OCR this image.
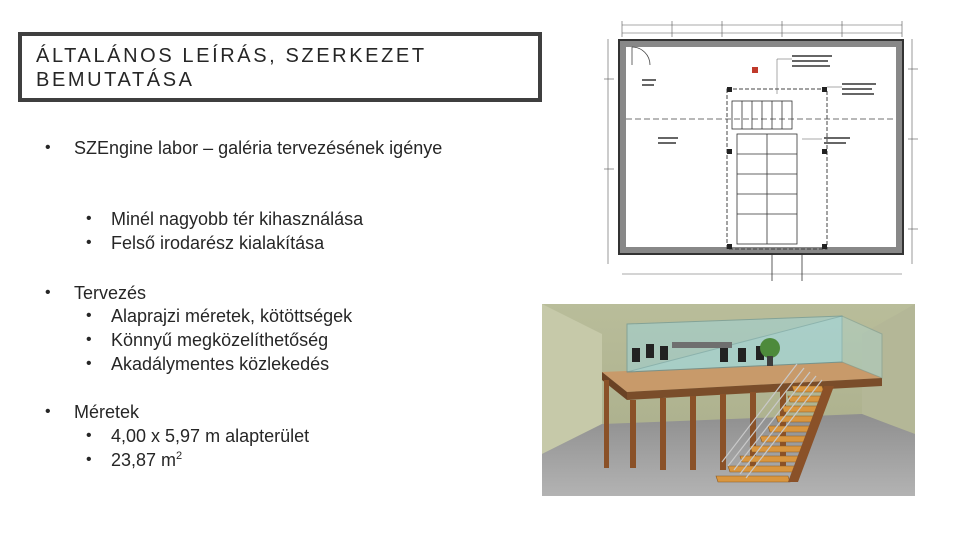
ÁLTALÁNOS LEÍRÁS, SZERKEZET BEMUTATÁSA
• SZEngine labor – galéria tervezésének igénye
• Minél nagyobb tér kihasználása
• Felső irodarész kialakítása
• Tervezés
• Alaprajzi méretek, kötöttségek
• Könnyű megközelíthetőség
• Akadálymentes közlekedés
• Méretek
• 4,00 x 5,97 m alapterület
• 23,87 $m^2$
